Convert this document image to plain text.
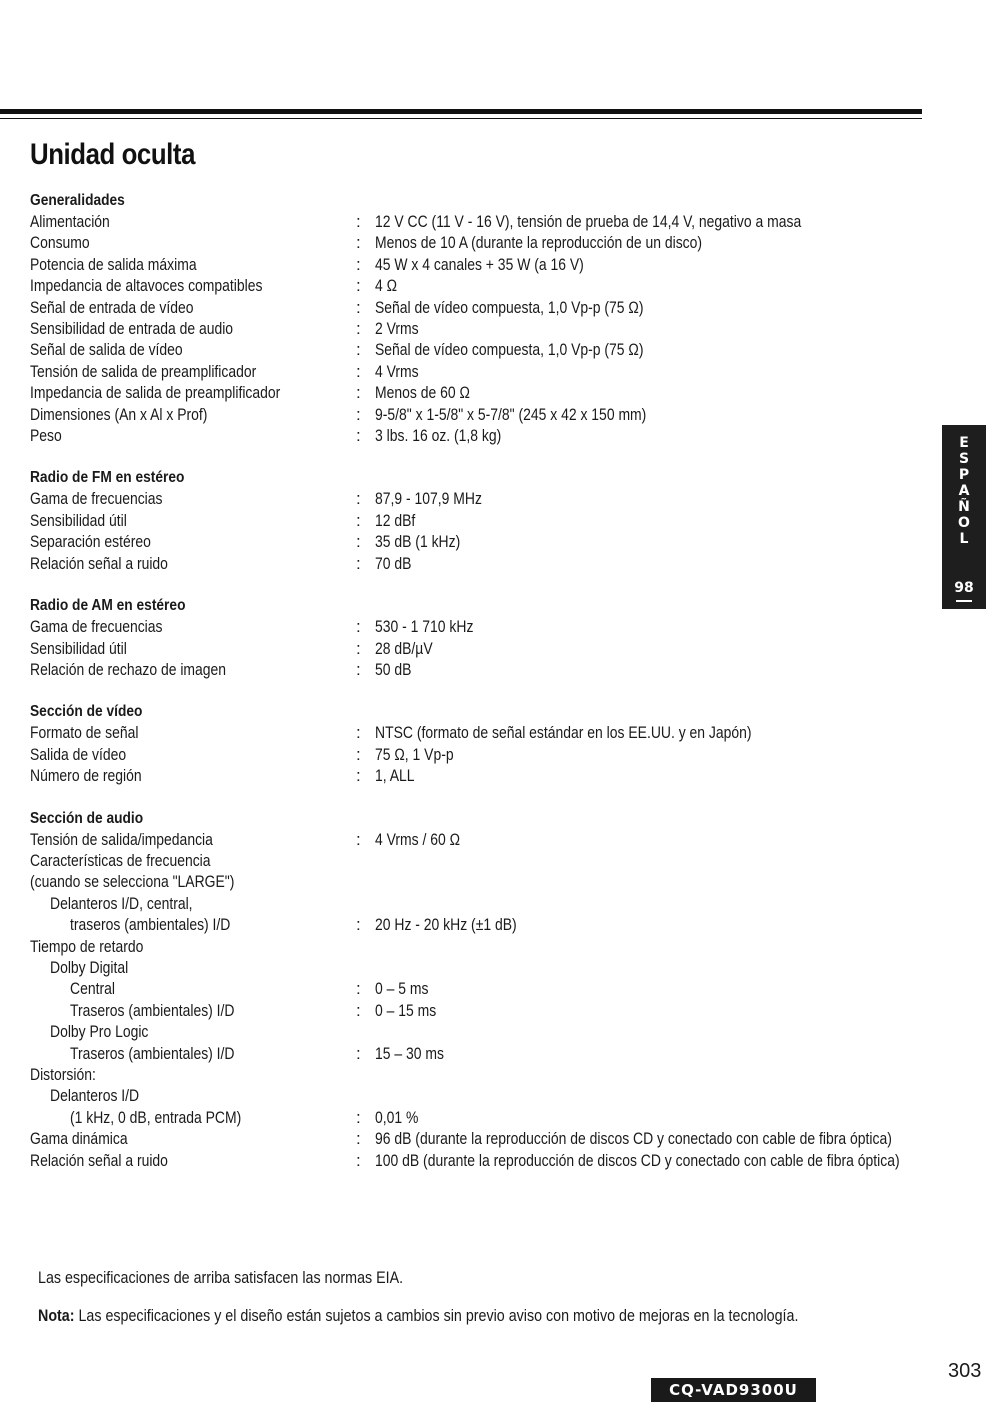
Unidad oculta
Generalidades
Alimentación	: 12 V CC (11 V - 16 V), tensión de prueba de 14,4 V, negativo a masa
Consumo	: Menos de 10 A (durante la reproducción de un disco)
Potencia de salida máxima	: 45 W x 4 canales + 35 W (a 16 V)
Impedancia de altavoces compatibles	: 4 Ω
Señal de entrada de vídeo	: Señal de vídeo compuesta, 1,0 Vp-p (75 Ω)
Sensibilidad de entrada de audio	: 2 Vrms
Señal de salida de vídeo	: Señal de vídeo compuesta, 1,0 Vp-p (75 Ω)
Tensión de salida de preamplificador	: 4 Vrms
Impedancia de salida de preamplificador	: Menos de 60 Ω
Dimensiones (An x Al x Prof)	: 9-5/8" x 1-5/8" x 5-7/8" (245 x 42 x 150 mm)
Peso	: 3 lbs. 16 oz. (1,8 kg)
Radio de FM en estéreo
Gama de frecuencias	: 87,9 - 107,9 MHz
Sensibilidad útil	: 12 dBf
Separación estéreo	: 35 dB (1 kHz)
Relación señal a ruido	: 70 dB
Radio de AM en estéreo
Gama de frecuencias	: 530 - 1 710 kHz
Sensibilidad útil	: 28 dB/µV
Relación de rechazo de imagen	: 50 dB
Sección de vídeo
Formato de señal	: NTSC (formato de señal estándar en los EE.UU. y en Japón)
Salida de vídeo	: 75 Ω, 1 Vp-p
Número de región	: 1, ALL
Sección de audio
Tensión de salida/impedancia	: 4 Vrms / 60 Ω
Características de frecuencia
(cuando se selecciona "LARGE")
Delanteros I/D, central,
traseros (ambientales) I/D	: 20 Hz - 20 kHz (±1 dB)
Tiempo de retardo
Dolby Digital
Central	: 0 – 5 ms
Traseros (ambientales) I/D	: 0 – 15 ms
Dolby Pro Logic
Traseros (ambientales) I/D	: 15 – 30 ms
Distorsión:
Delanteros I/D
(1 kHz, 0 dB, entrada PCM)	: 0,01 %
Gama dinámica	: 96 dB (durante la reproducción de discos CD y conectado con cable de fibra óptica)
Relación señal a ruido	: 100 dB (durante la reproducción de discos CD y conectado con cable de fibra óptica)
E
S
P
A
Ñ
O
L
98
Las especificaciones de arriba satisfacen las normas EIA.
Nota: Las especificaciones y el diseño están sujetos a cambios sin previo aviso con motivo de mejoras en la tecnología.
CQ-VAD9300U
303
